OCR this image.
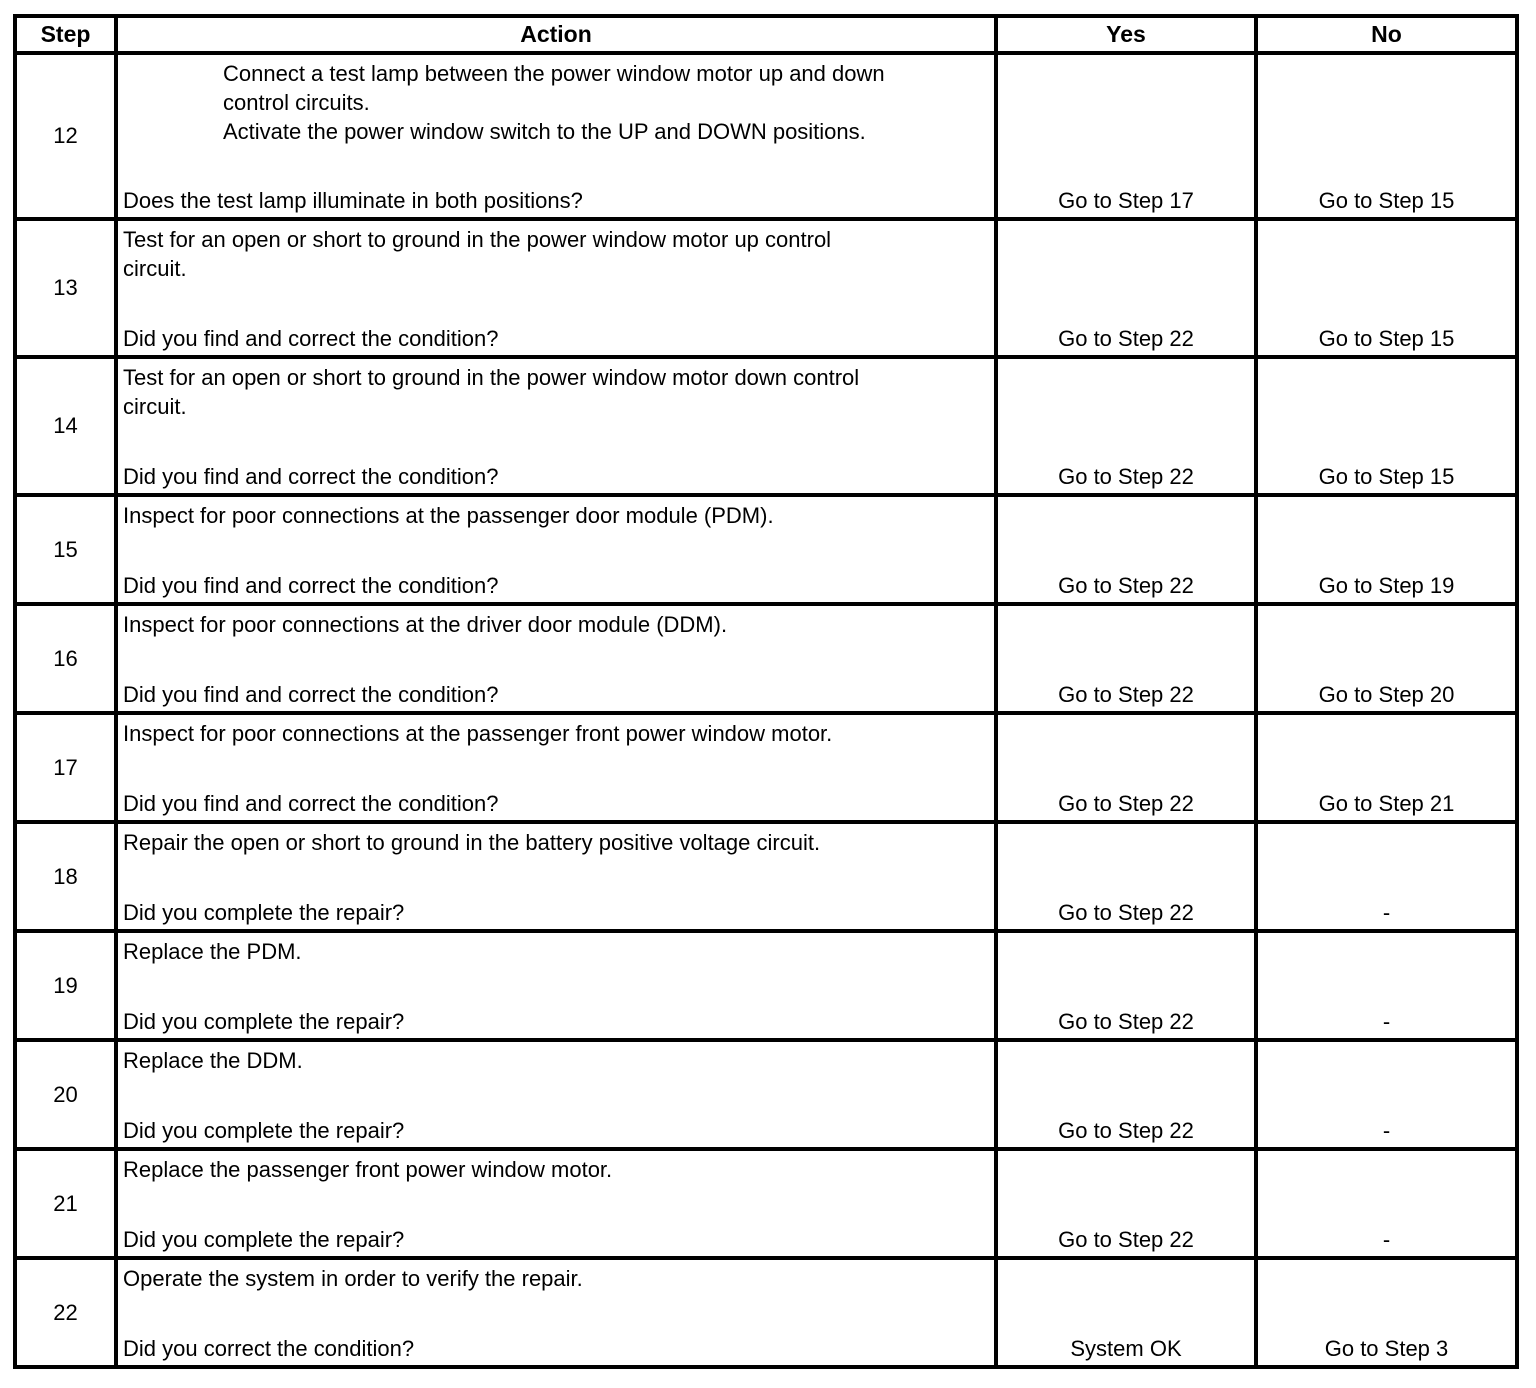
Step	Action	Yes	No
12	Connect a test lamp between the power window motor up and down
control circuits.
Activate the power window switch to the UP and DOWN positions.
Does the test lamp illuminate in both positions?	Go to Step 17	Go to Step 15

13	Test for an open or short to ground in the power window motor up control
circuit.
Did you find and correct the condition?	Go to Step 22	Go to Step 15

14	Test for an open or short to ground in the power window motor down control
circuit.
Did you find and correct the condition?	Go to Step 22	Go to Step 15

15	Inspect for poor connections at the passenger door module (PDM).
Did you find and correct the condition?	Go to Step 22	Go to Step 19

16	Inspect for poor connections at the driver door module (DDM).
Did you find and correct the condition?	Go to Step 22	Go to Step 20

17	Inspect for poor connections at the passenger front power window motor.
Did you find and correct the condition?	Go to Step 22	Go to Step 21

18	Repair the open or short to ground in the battery positive voltage circuit.
Did you complete the repair?	Go to Step 22	-

19	Replace the PDM.
Did you complete the repair?	Go to Step 22	-

20	Replace the DDM.
Did you complete the repair?	Go to Step 22	-

21	Replace the passenger front power window motor.
Did you complete the repair?	Go to Step 22	-

22	Operate the system in order to verify the repair.
Did you correct the condition?	System OK	Go to Step 3
